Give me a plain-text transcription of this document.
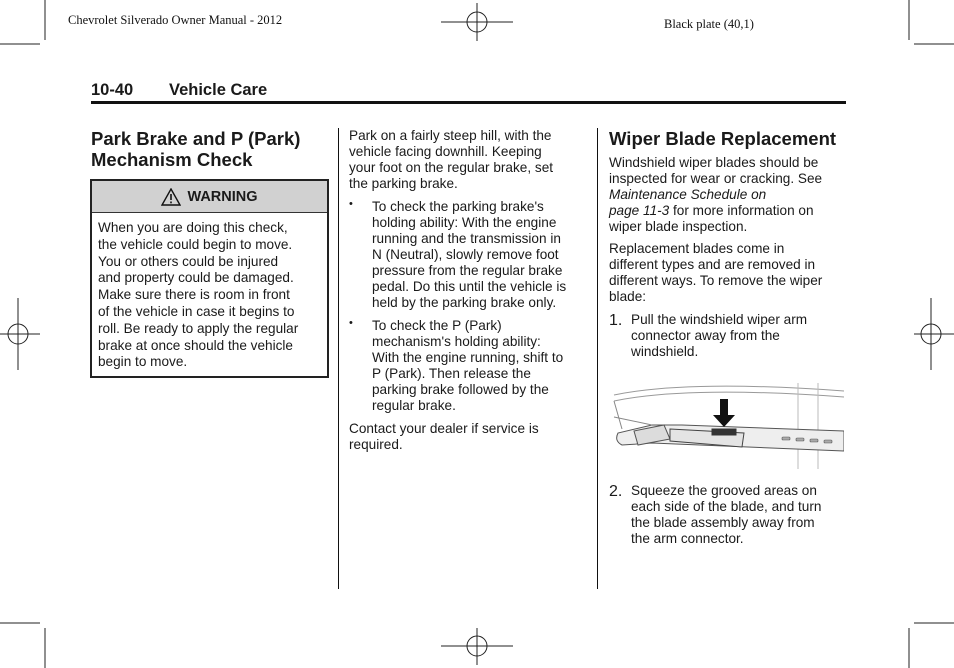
Chevrolet Silverado Owner Manual - 2012	Black plate (40,1)
10-40 Vehicle Care
Park Brake and P (Park)
Mechanism Check
WARNING
When you are doing this check,
the vehicle could begin to move.
You or others could be injured
and property could be damaged.
Make sure there is room in front
of the vehicle in case it begins to
roll. Be ready to apply the regular
brake at once should the vehicle
begin to move.

Park on a fairly steep hill, with the
vehicle facing downhill. Keeping
your foot on the regular brake, set
the parking brake.

• To check the parking brake's
holding ability: With the engine
running and the transmission in
N (Neutral), slowly remove foot
pressure from the regular brake
pedal. Do this until the vehicle is
held by the parking brake only.

• To check the P (Park)
mechanism's holding ability:
With the engine running, shift to
P (Park). Then release the
parking brake followed by the
regular brake.

Contact your dealer if service is
required.

Wiper Blade Replacement

Windshield wiper blades should be
inspected for wear or cracking. See
Maintenance Schedule on
page 11-3 for more information on
wiper blade inspection.

Replacement blades come in
different types and are removed in
different ways. To remove the wiper
blade:

1. Pull the windshield wiper arm
connector away from the
windshield.

2. Squeeze the grooved areas on
each side of the blade, and turn
the blade assembly away from
the arm connector.
